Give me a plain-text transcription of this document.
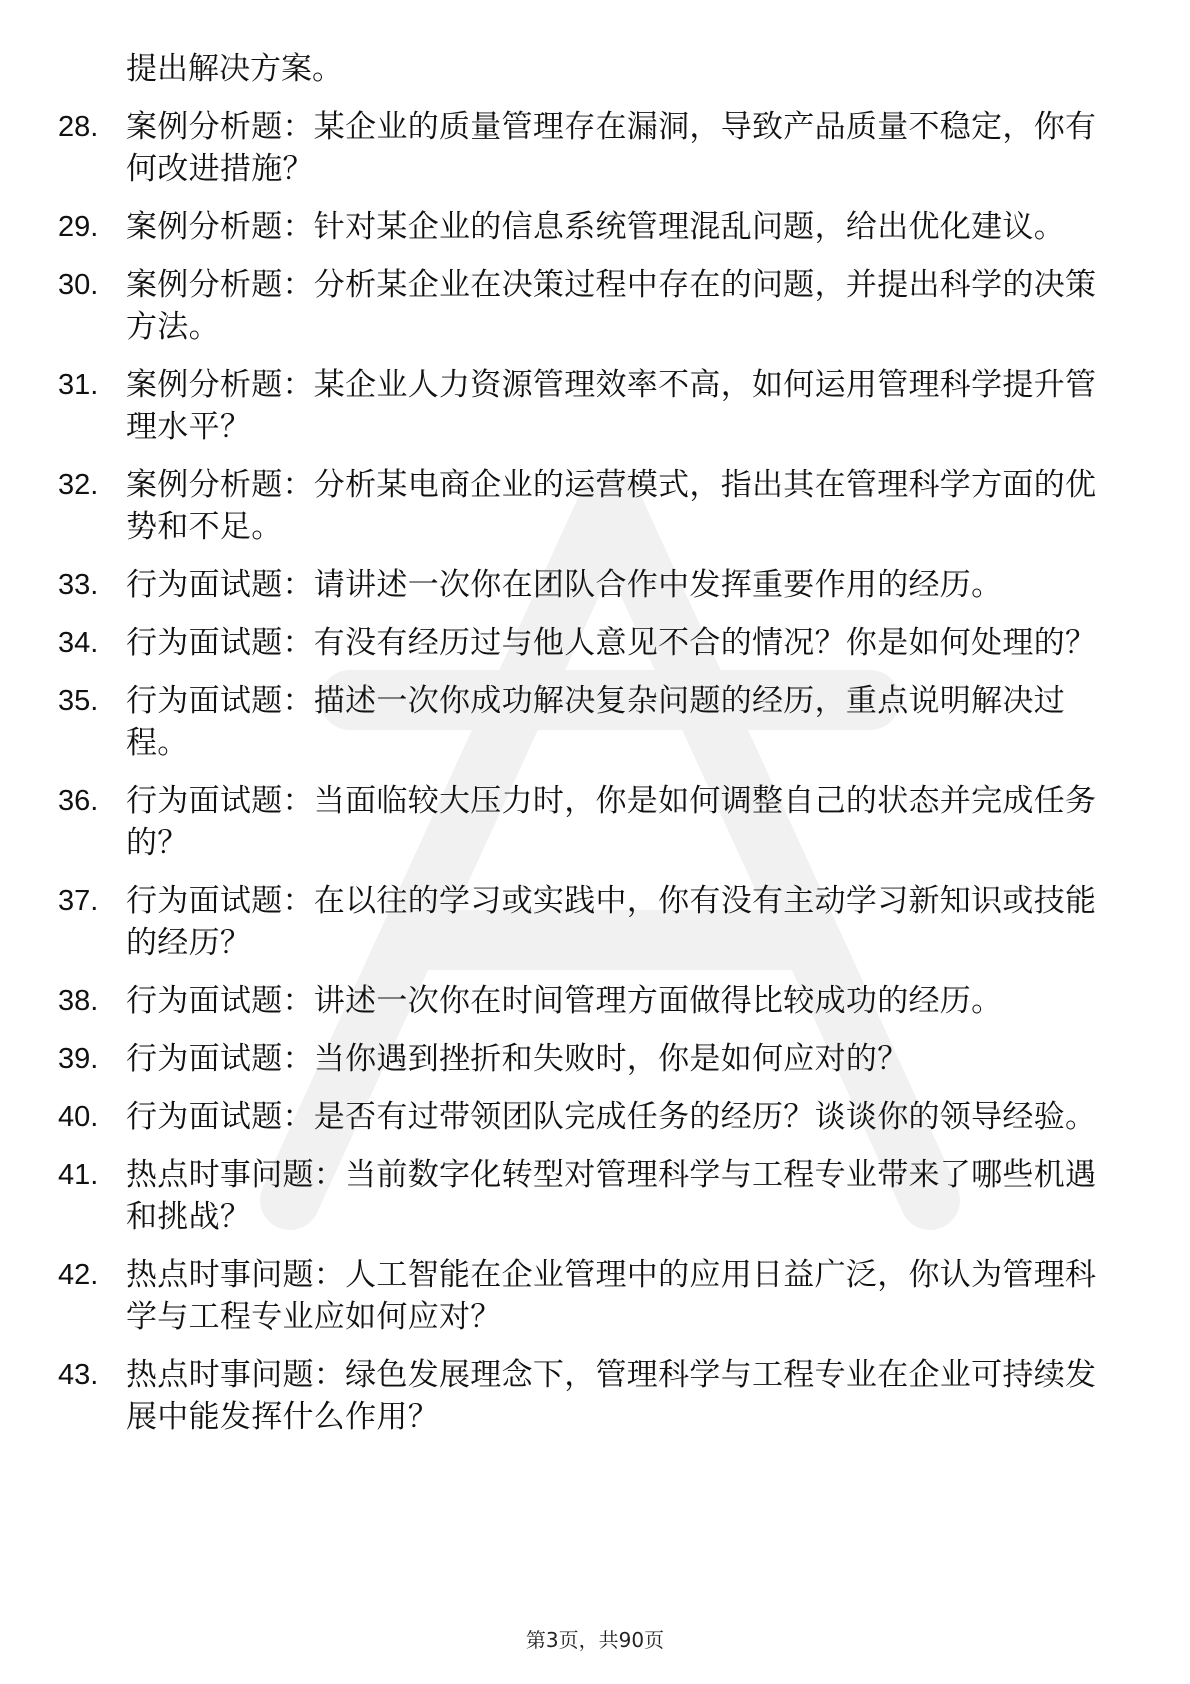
提出解决方案。
28. 案例分析题：某企业的质量管理存在漏洞，导致产品质量不稳定，你有何改进措施？
29. 案例分析题：针对某企业的信息系统管理混乱问题，给出优化建议。
30. 案例分析题：分析某企业在决策过程中存在的问题，并提出科学的决策方法。
31. 案例分析题：某企业人力资源管理效率不高，如何运用管理科学提升管理水平？
32. 案例分析题：分析某电商企业的运营模式，指出其在管理科学方面的优势和不足。
33. 行为面试题：请讲述一次你在团队合作中发挥重要作用的经历。
34. 行为面试题：有没有经历过与他人意见不合的情况？你是如何处理的？
35. 行为面试题：描述一次你成功解决复杂问题的经历，重点说明解决过程。
36. 行为面试题：当面临较大压力时，你是如何调整自己的状态并完成任务的？
37. 行为面试题：在以往的学习或实践中，你有没有主动学习新知识或技能的经历？
38. 行为面试题：讲述一次你在时间管理方面做得比较成功的经历。
39. 行为面试题：当你遇到挫折和失败时，你是如何应对的？
40. 行为面试题：是否有过带领团队完成任务的经历？谈谈你的领导经验。
41. 热点时事问题：当前数字化转型对管理科学与工程专业带来了哪些机遇和挑战？
42. 热点时事问题：人工智能在企业管理中的应用日益广泛，你认为管理科学与工程专业应如何应对？
43. 热点时事问题：绿色发展理念下，管理科学与工程专业在企业可持续发展中能发挥什么作用？
第3页，共90页
